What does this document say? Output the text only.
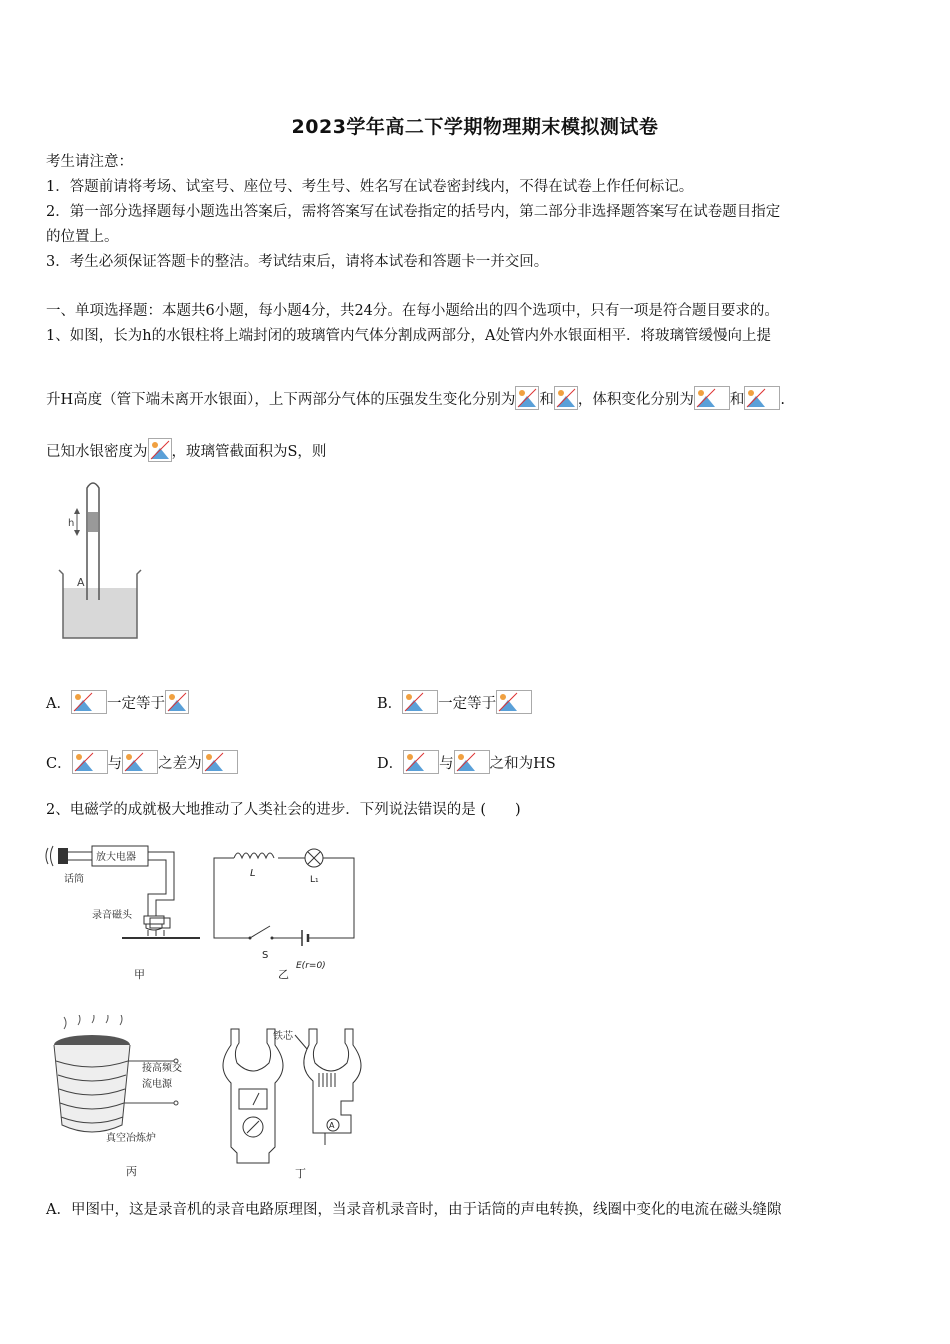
2023学年高二下学期物理期末模拟测试卷
考生请注意：
1．答题前请将考场、试室号、座位号、考生号、姓名写在试卷密封线内，不得在试卷上作任何标记。
2．第一部分选择题每小题选出答案后，需将答案写在试卷指定的括号内，第二部分非选择题答案写在试卷题目指定
的位置上。
3．考生必须保证答题卡的整洁。考试结束后，请将本试卷和答题卡一并交回。
一、单项选择题：本题共6小题，每小题4分，共24分。在每小题给出的四个选项中，只有一项是符合题目要求的。
1、如图，长为h的水银柱将上端封闭的玻璃管内气体分割成两部分，A处管内外水银面相平．将玻璃管缓慢向上提
升H高度（管下端未离开水银面），上下两部分气体的压强发生变化分别为 和 ，体积变化分别为 和 .
已知水银密度为 ，玻璃管截面积为S，则
h
A
A． 一定等于	B． 一定等于
C． 与 之差为	D． 与 之和为HS
2、电磁学的成就极大地推动了人类社会的进步．下列说法错误的是 (　　)
放大电器
话筒
录音磁头
甲
L
L₁
S
E(r=0)
乙
接高频交
流电源
真空冶炼炉
丙
铁芯
A
丁
A．甲图中，这是录音机的录音电路原理图，当录音机录音时，由于话筒的声电转换，线圈中变化的电流在磁头缝隙
